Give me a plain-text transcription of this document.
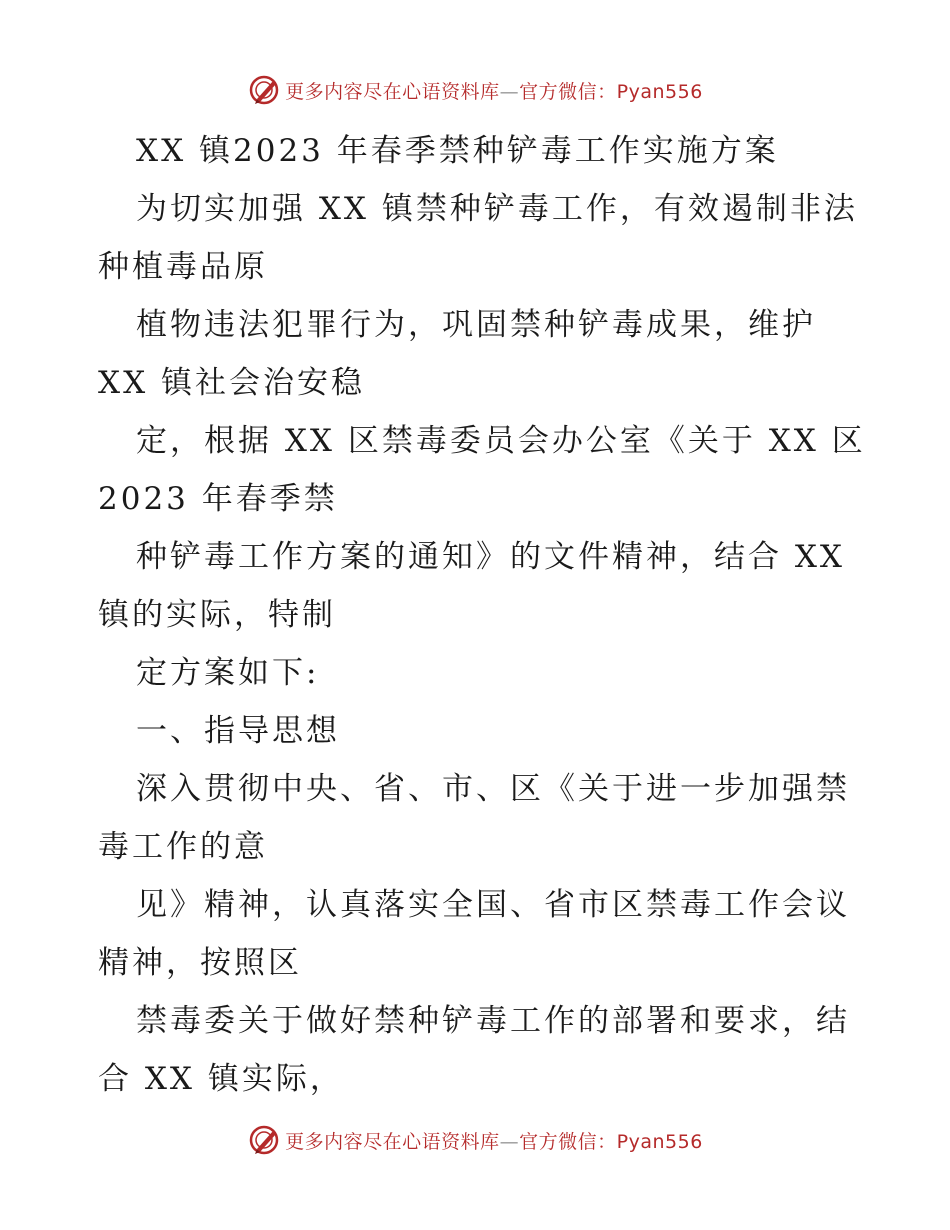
更多内容尽在心语资料库—官方微信：Pyan556
XX 镇2023 年春季禁种铲毒工作实施方案
为切实加强 XX 镇禁种铲毒工作，有效遏制非法
种植毒品原
植物违法犯罪行为，巩固禁种铲毒成果，维护
XX 镇社会治安稳
定，根据 XX 区禁毒委员会办公室《关于 XX 区
2023 年春季禁
种铲毒工作方案的通知》的文件精神，结合 XX
镇的实际，特制
定方案如下:
一、指导思想
深入贯彻中央、省、市、区《关于进一步加强禁
毒工作的意
见》精神，认真落实全国、省市区禁毒工作会议
精神，按照区
禁毒委关于做好禁种铲毒工作的部署和要求，结
合 XX 镇实际，
更多内容尽在心语资料库—官方微信：Pyan556
